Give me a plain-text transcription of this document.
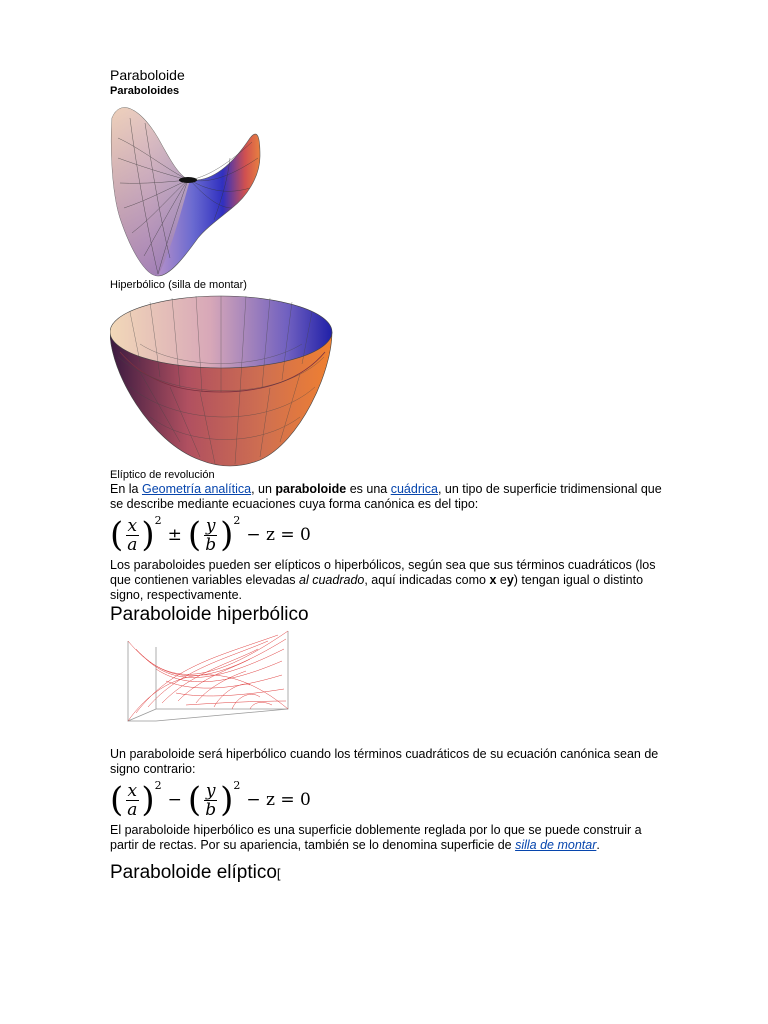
Paraboloide

Paraboloides

Hiperbólico (silla de montar)

Elíptico de revolución

En la Geometría analítica, un paraboloide es una cuádrica, un tipo de superficie tridimensional que se describe mediante ecuaciones cuya forma canónica es del tipo:

( $\frac{x}{a}$ ) 2
± ( $\frac{y}{b}$ ) 2
− z = 0

Los paraboloides pueden ser elípticos o hiperbólicos, según sea que sus términos cuadráticos (los que contienen variables elevadas al cuadrado, aquí indicadas como x ey) tengan igual o distinto signo, respectivamente.

Paraboloide hiperbólico

Un paraboloide será hiperbólico cuando los términos cuadráticos de su ecuación canónica sean de signo contrario:

( $\frac{x}{a}$ ) 2
− ( $\frac{y}{b}$ ) 2
− z = 0

El paraboloide hiperbólico es una superficie doblemente reglada por lo que se puede construir a partir de rectas. Por su apariencia, también se lo denomina superficie de silla de montar.

Paraboloide elíptico[
